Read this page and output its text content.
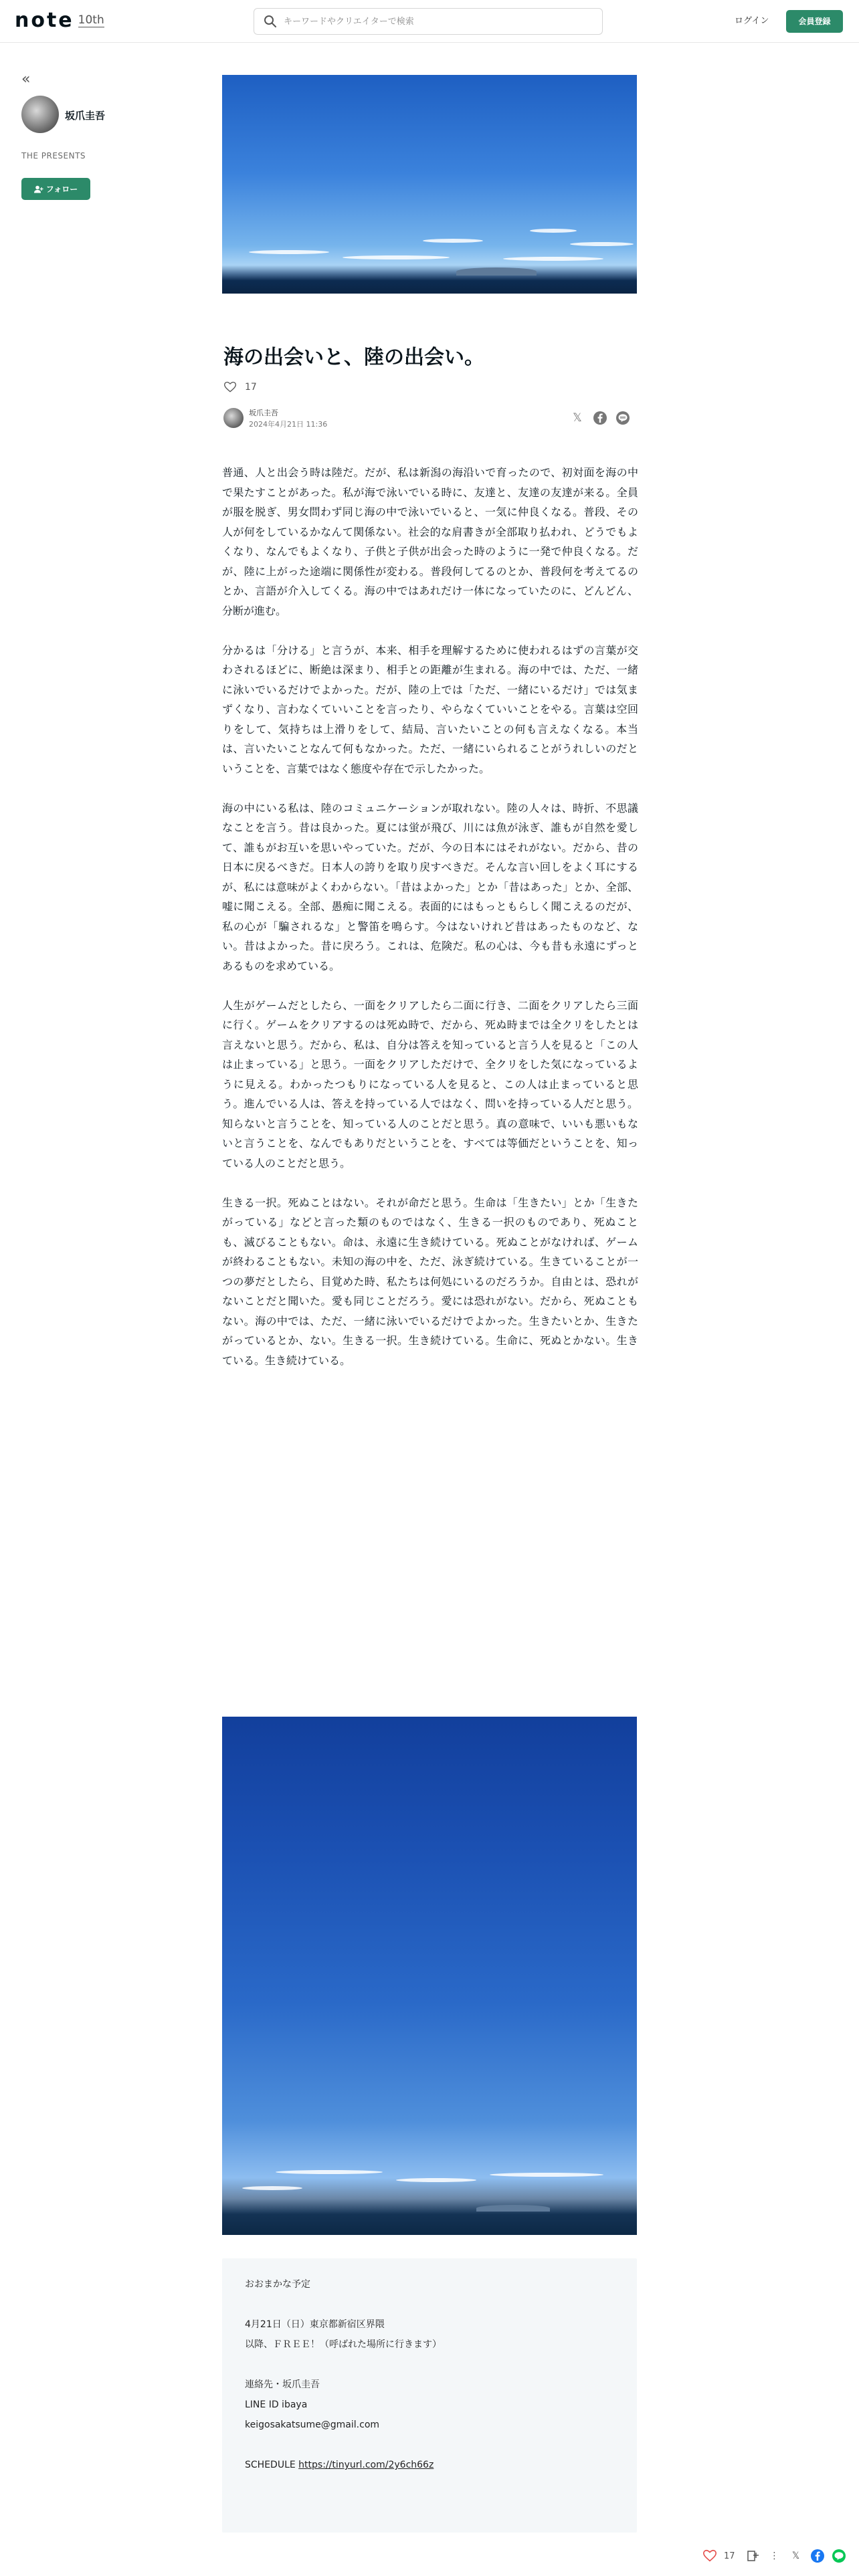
note 10th
キーワードやクリエイターで検索	ログイン	会員登録
«
坂爪圭吾
THE PRESENTS
フォロー
海の出会いと、陸の出会い。
17
坂爪圭吾
2024年4月21日 11:36	𝕏

普通、人と出会う時は陸だ。だが、私は新潟の海沿いで育ったので、初対面を海の中で果たすことがあった。私が海で泳いでいる時に、友達と、友達の友達が来る。全員が服を脱ぎ、男女問わず同じ海の中で泳いでいると、一気に仲良くなる。普段、その人が何をしているかなんて関係ない。社会的な肩書きが全部取り払われ、どうでもよくなり、なんでもよくなり、子供と子供が出会った時のように一発で仲良くなる。だが、陸に上がった途端に関係性が変わる。普段何してるのとか、普段何を考えてるのとか、言語が介入してくる。海の中ではあれだけ一体になっていたのに、どんどん、分断が進む。

分かるは「分ける」と言うが、本来、相手を理解するために使われるはずの言葉が交わされるほどに、断絶は深まり、相手との距離が生まれる。海の中では、ただ、一緒に泳いでいるだけでよかった。だが、陸の上では「ただ、一緒にいるだけ」では気まずくなり、言わなくていいことを言ったり、やらなくていいことをやる。言葉は空回りをして、気持ちは上滑りをして、結局、言いたいことの何も言えなくなる。本当は、言いたいことなんて何もなかった。ただ、一緒にいられることがうれしいのだということを、言葉ではなく態度や存在で示したかった。

海の中にいる私は、陸のコミュニケーションが取れない。陸の人々は、時折、不思議なことを言う。昔は良かった。夏には蛍が飛び、川には魚が泳ぎ、誰もが自然を愛して、誰もがお互いを思いやっていた。だが、今の日本にはそれがない。だから、昔の日本に戻るべきだ。日本人の誇りを取り戻すべきだ。そんな言い回しをよく耳にするが、私には意味がよくわからない。「昔はよかった」とか「昔はあった」とか、全部、嘘に聞こえる。全部、愚痴に聞こえる。表面的にはもっともらしく聞こえるのだが、私の心が「騙されるな」と警笛を鳴らす。今はないけれど昔はあったものなど、ない。昔はよかった。昔に戻ろう。これは、危険だ。私の心は、今も昔も永遠にずっとあるものを求めている。

人生がゲームだとしたら、一面をクリアしたら二面に行き、二面をクリアしたら三面に行く。ゲームをクリアするのは死ぬ時で、だから、死ぬ時までは全クリをしたとは言えないと思う。だから、私は、自分は答えを知っていると言う人を見ると「この人は止まっている」と思う。一面をクリアしただけで、全クリをした気になっているように見える。わかったつもりになっている人を見ると、この人は止まっていると思う。進んでいる人は、答えを持っている人ではなく、問いを持っている人だと思う。知らないと言うことを、知っている人のことだと思う。真の意味で、いいも悪いもないと言うことを、なんでもありだということを、すべては等価だということを、知っている人のことだと思う。

生きる一択。死ぬことはない。それが命だと思う。生命は「生きたい」とか「生きたがっている」などと言った類のものではなく、生きる一択のものであり、死ぬことも、滅びることもない。命は、永遠に生き続けている。死ぬことがなければ、ゲームが終わることもない。未知の海の中を、ただ、泳ぎ続けている。生きていることが一つの夢だとしたら、目覚めた時、私たちは何処にいるのだろうか。自由とは、恐れがないことだと聞いた。愛も同じことだろう。愛には恐れがない。だから、死ぬこともない。海の中では、ただ、一緒に泳いでいるだけでよかった。生きたいとか、生きたがっているとか、ない。生きる一択。生き続けている。生命に、死ぬとかない。生きている。生き続けている。

おおまかな予定
4月21日（日）東京都新宿区界隈
以降、ＦＲＥＥ！（呼ばれた場所に行きます）
連絡先・坂爪圭吾
LINE ID ibaya
keigosakatsume@gmail.com
SCHEDULE https://tinyurl.com/2y6ch66z
17	⋮	𝕏
